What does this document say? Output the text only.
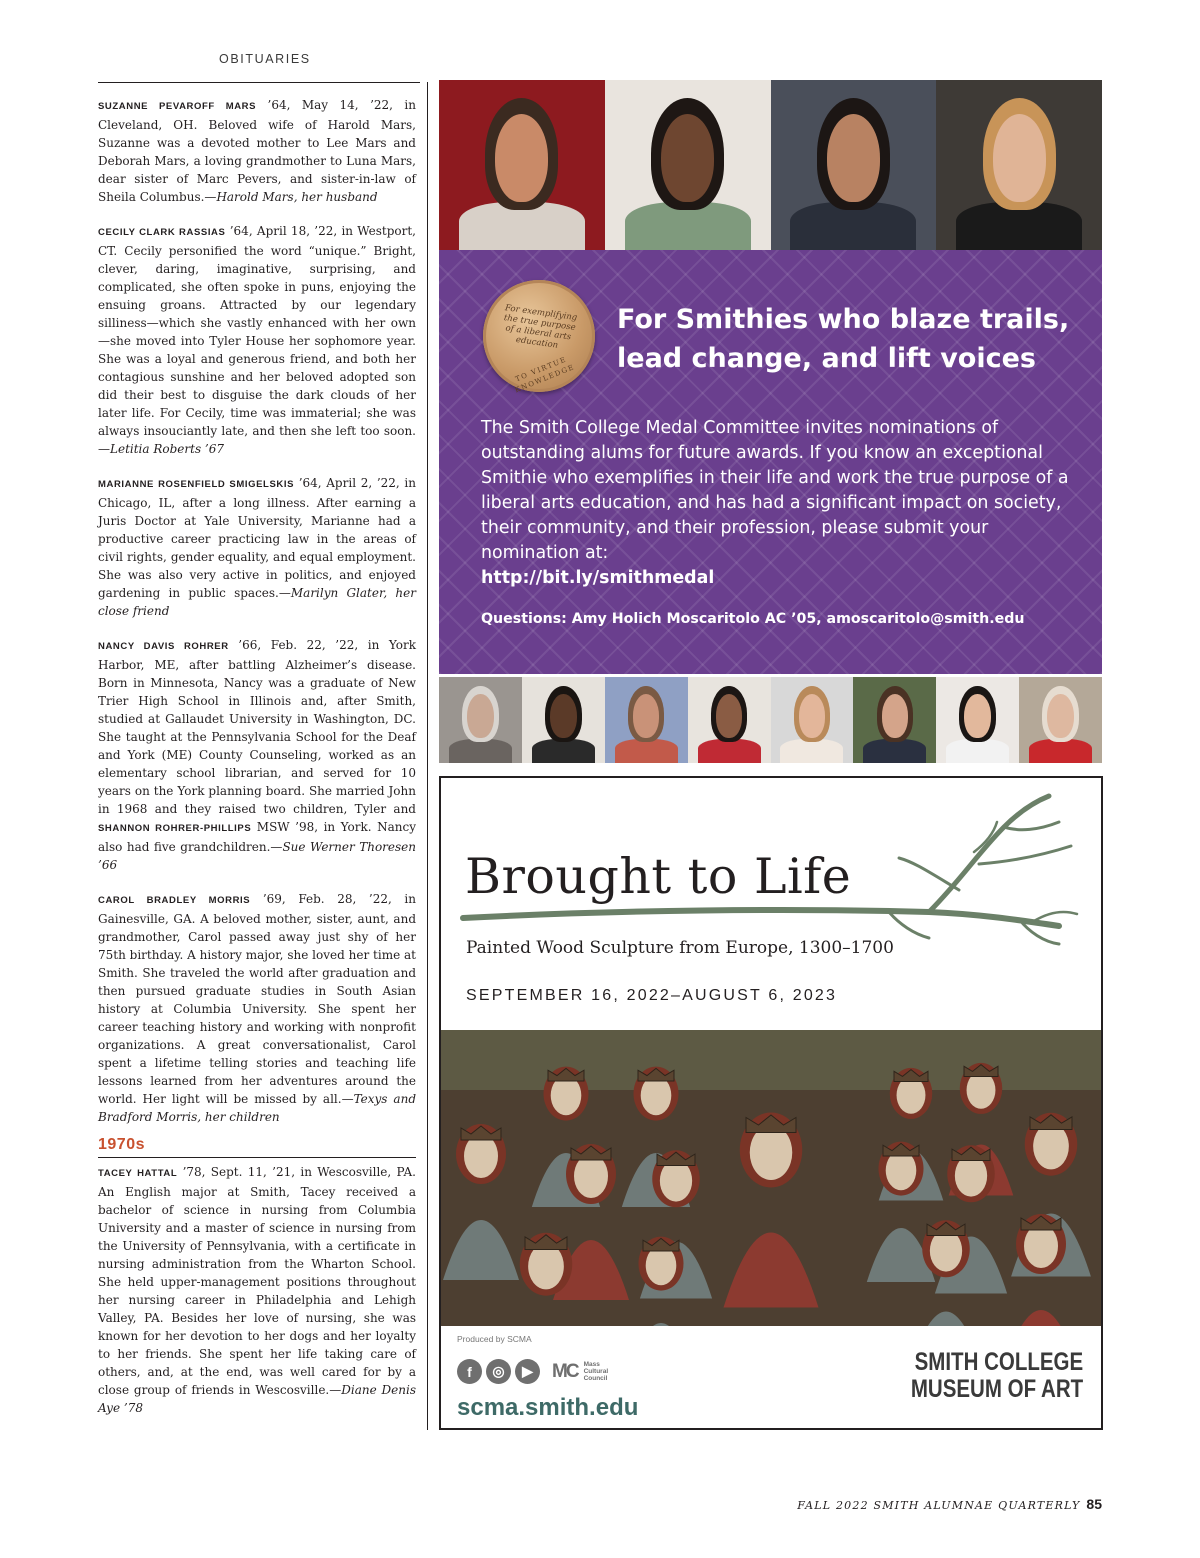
OBITUARIES

SUZANNE PEVAROFF MARS ’64, May 14, ’22, in Cleveland, OH. Beloved wife of Harold Mars, Suzanne was a devoted mother to Lee Mars and Deborah Mars, a loving grandmother to Luna Mars, dear sister of Marc Pevers, and sister-in-law of Sheila Columbus.—Harold Mars, her husband

CECILY CLARK RASSIAS ’64, April 18, ’22, in Westport, CT. Cecily personified the word “unique.” Bright, clever, daring, imaginative, surprising, and complicated, she often spoke in puns, enjoying the ensuing groans. Attracted by our legendary silliness—which she vastly enhanced with her own—she moved into Tyler House her sophomore year. She was a loyal and generous friend, and both her contagious sunshine and her beloved adopted son did their best to disguise the dark clouds of her later life. For Cecily, time was immaterial; she was always insouciantly late, and then she left too soon. —Letitia Roberts ’67

MARIANNE ROSENFIELD SMIGELSKIS ’64, April 2, ’22, in Chicago, IL, after a long illness. After earning a Juris Doctor at Yale University, Marianne had a productive career practicing law in the areas of civil rights, gender equality, and equal employment. She was also very active in politics, and enjoyed gardening in public spaces.—Marilyn Glater, her close friend

NANCY DAVIS ROHRER ’66, Feb. 22, ’22, in York Harbor, ME, after battling Alzheimer’s disease. Born in Minnesota, Nancy was a graduate of New Trier High School in Illinois and, after Smith, studied at Gallaudet University in Washington, DC. She taught at the Pennsylvania School for the Deaf and York (ME) County Counseling, worked as an elementary school librarian, and served for 10 years on the York planning board. She married John in 1968 and they raised two children, Tyler and SHANNON ROHRER-PHILLIPS MSW ’98, in York. Nancy also had five grandchildren.—Sue Werner Thoresen ’66

CAROL BRADLEY MORRIS ’69, Feb. 28, ’22, in Gainesville, GA. A beloved mother, sister, aunt, and grandmother, Carol passed away just shy of her 75th birthday. A history major, she loved her time at Smith. She traveled the world after graduation and then pursued graduate studies in South Asian history at Columbia University. She spent her career teaching history and working with nonprofit organizations. A great conversationalist, Carol spent a lifetime telling stories and teaching life lessons learned from her adventures around the world. Her light will be missed by all.—Texys and Bradford Morris, her children

1970s

TACEY HATTAL ’78, Sept. 11, ’21, in Wescosville, PA. An English major at Smith, Tacey received a bachelor of science in nursing from Columbia University and a master of science in nursing from the University of Pennsylvania, with a certificate in nursing administration from the Wharton School. She held upper-management positions throughout her nursing career in Philadelphia and Lehigh Valley, PA. Besides her love of nursing, she was known for her devotion to her dogs and her loyalty to her friends. She spent her life taking care of others, and, at the end, was well cared for by a close group of friends in Wescosville.—Diane Denis Aye ’78

For exemplifying the true purpose of a liberal arts education
TO VIRTUE KNOWLEDGE
For Smithies who blaze trails,
lead change, and lift voices
The Smith College Medal Committee invites nominations of outstanding alums for future awards. If you know an exceptional Smithie who exemplifies in their life and work the true purpose of a liberal arts education, and has had a significant impact on society, their community, and their profession, please submit your nomination at:
http://bit.ly/smithmedal
Questions: Amy Holich Moscaritolo AC ’05, amoscaritolo@smith.edu
Brought to Life
Painted Wood Sculpture from Europe, 1300–1700
SEPTEMBER 16, 2022–AUGUST 6, 2023
Produced by SCMA
f	◎	▶	MC Mass
Cultural
Council
scma.smith.edu
SMITH COLLEGE
MUSEUM OF ART
FALL 2022 SMITH ALUMNAE QUARTERLY 85
